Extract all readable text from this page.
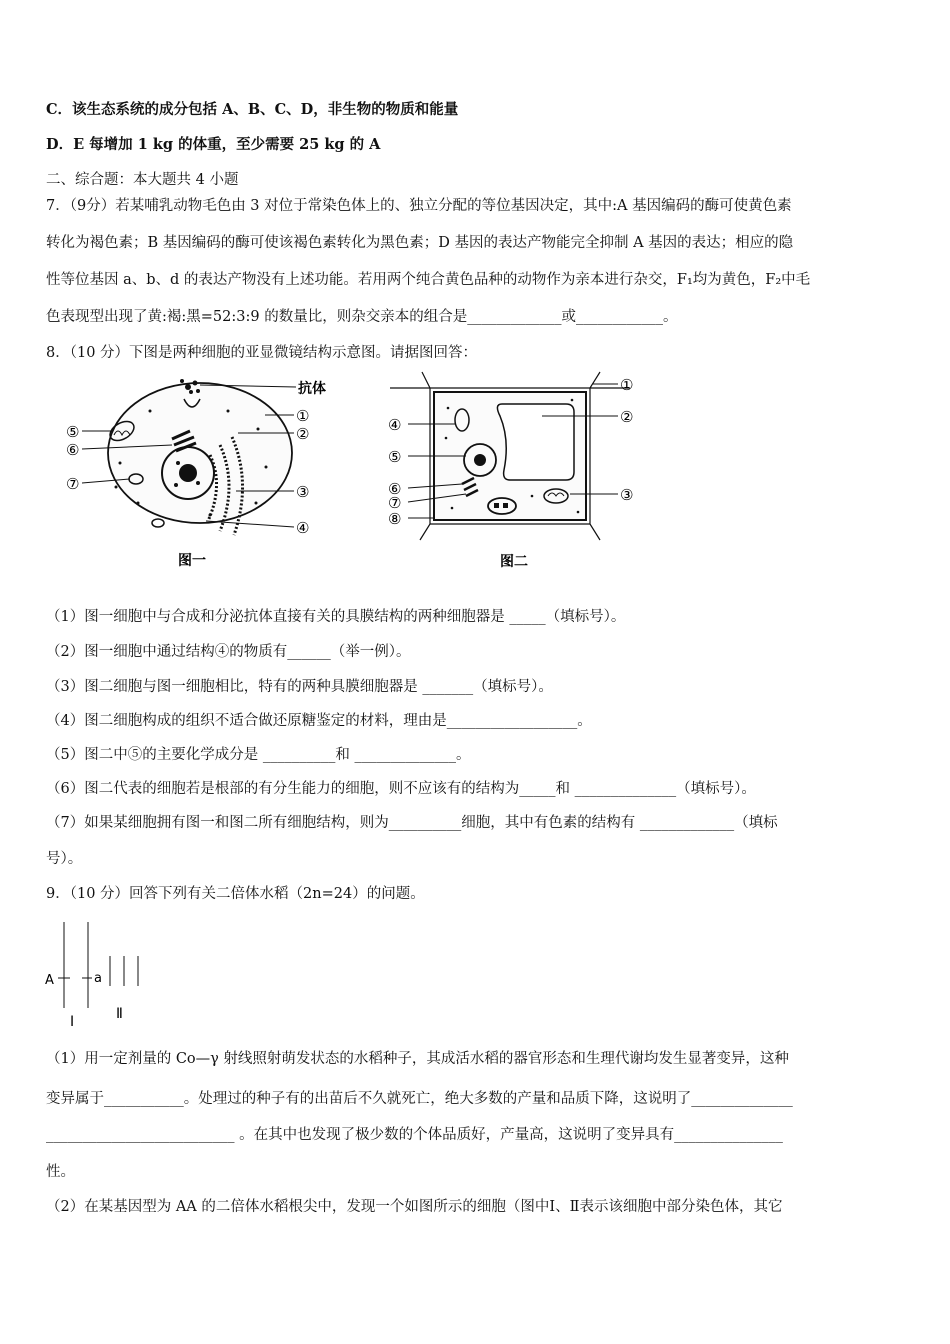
C．该生态系统的成分包括 A、B、C、D，非生物的物质和能量
D．E 每增加 1 kg 的体重，至少需要 25 kg 的 A
二、综合题：本大题共 4 小题
7．（9分）若某哺乳动物毛色由 3 对位于常染色体上的、独立分配的等位基因决定，其中:A 基因编码的酶可使黄色素
转化为褐色素；B 基因编码的酶可使该褐色素转化为黑色素；D 基因的表达产物能完全抑制 A 基因的表达；相应的隐
性等位基因 a、b、d 的表达产物没有上述功能。若用两个纯合黄色品种的动物作为亲本进行杂交，F₁均为黄色，F₂中毛
色表现型出现了黄:褐:黑=52:3:9 的数量比，则杂交亲本的组合是_____________或____________。
8．（10 分）下图是两种细胞的亚显微镜结构示意图。请据图回答：
抗体
①
②
③
④
⑤
⑥
⑦
图一
①
②
③
④
⑤
⑥
⑦
⑧
图二
（1）图一细胞中与合成和分泌抗体直接有关的具膜结构的两种细胞器是 _____（填标号）。
（2）图一细胞中通过结构④的物质有______（举一例）。
（3）图二细胞与图一细胞相比，特有的两种具膜细胞器是 _______（填标号）。
（4）图二细胞构成的组织不适合做还原糖鉴定的材料，理由是__________________。
（5）图二中⑤的主要化学成分是 __________和 ______________。
（6）图二代表的细胞若是根部的有分生能力的细胞，则不应该有的结构为_____和 ______________（填标号）。
（7）如果某细胞拥有图一和图二所有细胞结构，则为__________细胞，其中有色素的结构有 _____________（填标
号）。
9．（10 分）回答下列有关二倍体水稻（2n=24）的问题。
A	a
Ⅰ	Ⅱ
（1）用一定剂量的 Co—γ 射线照射萌发状态的水稻种子，其成活水稻的器官形态和生理代谢均发生显著变异，这种
变异属于___________。处理过的种子有的出苗后不久就死亡，绝大多数的产量和品质下降，这说明了______________
__________________________ 。在其中也发现了极少数的个体品质好，产量高，这说明了变异具有_______________
性。
（2）在某基因型为 AA 的二倍体水稻根尖中，发现一个如图所示的细胞（图中Ⅰ、Ⅱ表示该细胞中部分染色体，其它
